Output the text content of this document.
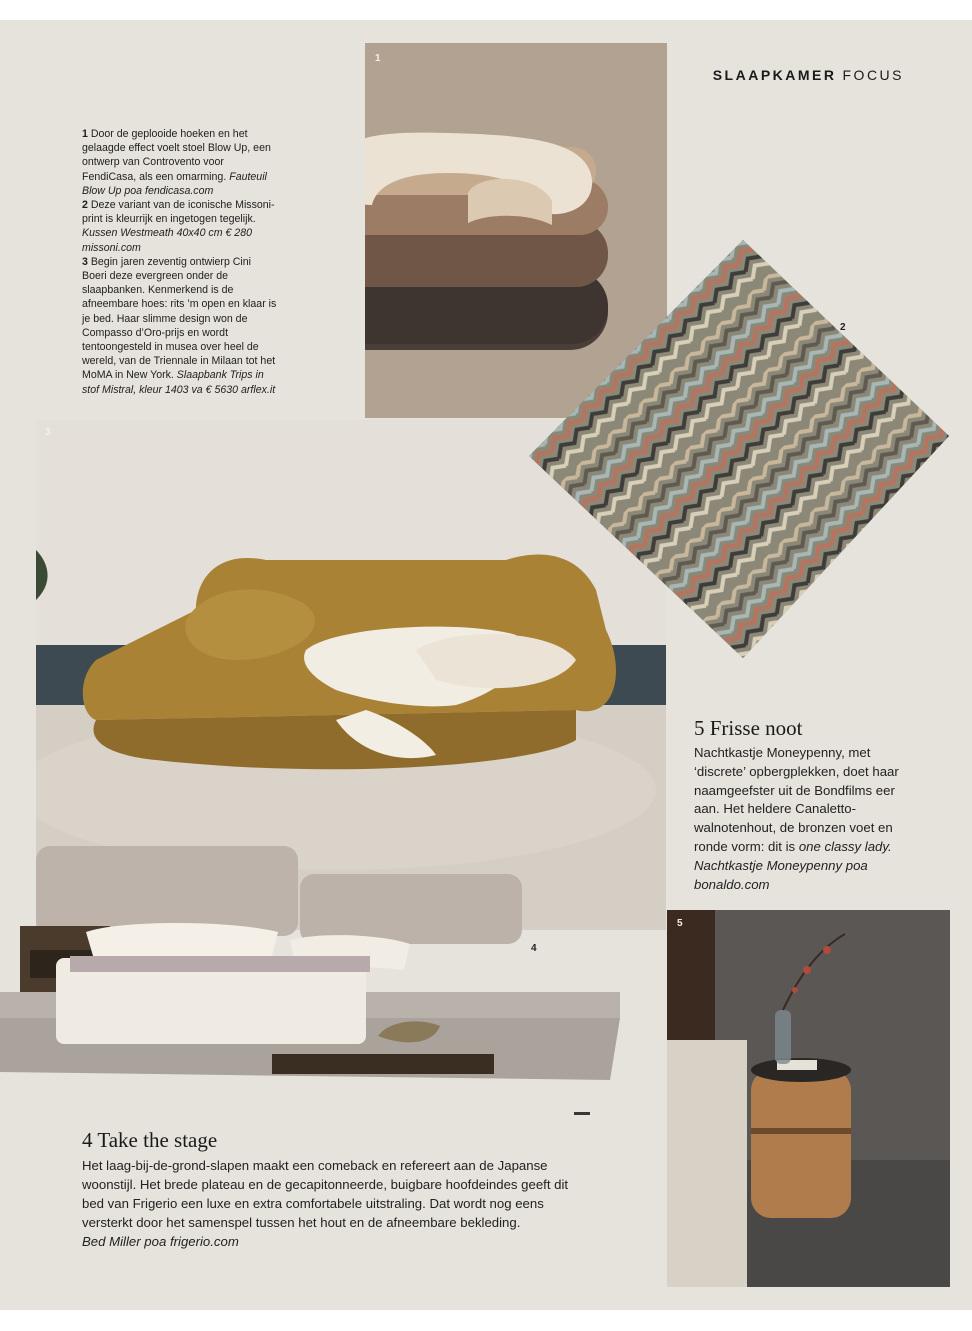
SLAAPKAMER FOCUS
1

1 Door de geplooide hoeken en het gelaagde effect voelt stoel Blow Up, een ontwerp van Controvento voor FendiCasa, als een omarming. Fauteuil Blow Up poa fendicasa.com

2 Deze variant van de iconische Missoni-print is kleurrijk en ingetogen tegelijk. Kussen Westmeath 40x40 cm € 280 missoni.com

3 Begin jaren zeventig ontwierp Cini Boeri deze evergreen onder de slaapbanken. Kenmerkend is de afneembare hoes: rits ’m open en klaar is je bed. Haar slimme design won de Compasso d’Oro-prijs en wordt tentoongesteld in musea over heel de wereld, van de Triennale in Milaan tot het MoMA in New York. Slaapbank Trips in stof Mistral, kleur 1403 va € 5630 arflex.it

3
2
5 Frisse noot

Nachtkastje Moneypenny, met ‘discrete’ opbergplekken, doet haar naamgeefster uit de Bondfilms eer aan. Het heldere Canaletto-walnotenhout, de bronzen voet en ronde vorm: dit is one classy lady. Nachtkastje Moneypenny poa bonaldo.com

4
5
4 Take the stage

Het laag-bij-de-grond-slapen maakt een comeback en refereert aan de Japanse woonstijl. Het brede plateau en de gecapitonneerde, buigbare hoofdeindes geeft dit bed van Frigerio een luxe en extra comfortabele uitstraling. Dat wordt nog eens versterkt door het samenspel tussen het hout en de afneembare bekleding.
Bed Miller poa frigerio.com
